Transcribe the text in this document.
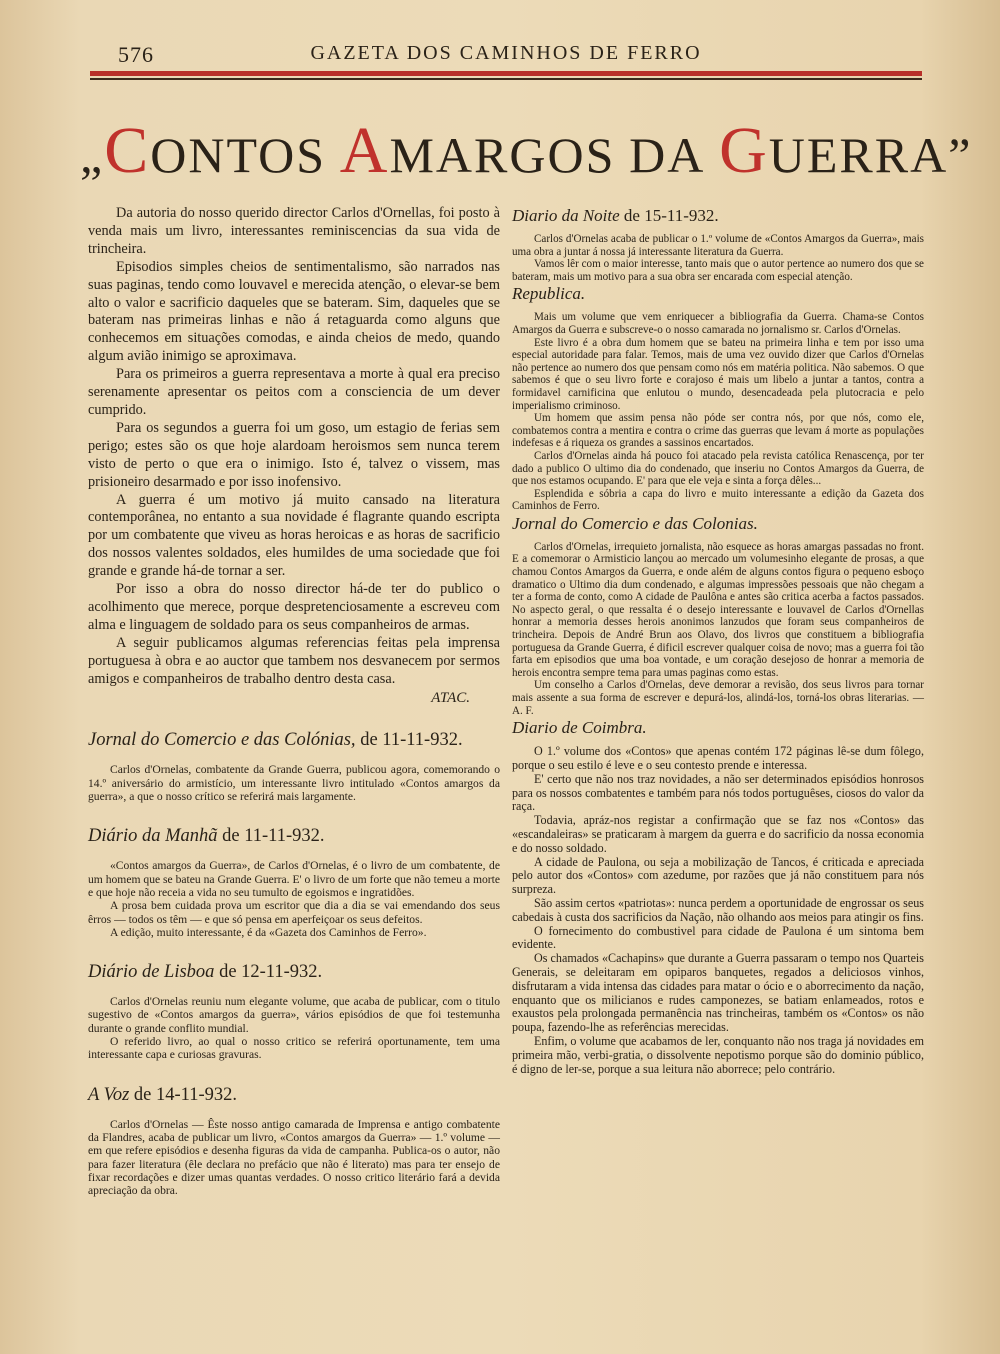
576	GAZETA DOS CAMINHOS DE FERRO
„CONTOS AMARGOS DA GUERRA”

Da autoria do nosso querido director Carlos d'Ornellas, foi posto à venda mais um livro, interessantes reminiscencias da sua vida de trincheira.

Episodios simples cheios de sentimentalismo, são narrados nas suas paginas, tendo como louvavel e merecida atenção, o elevar-se bem alto o valor e sacrificio daqueles que se bateram. Sim, daqueles que se bateram nas primeiras linhas e não á retaguarda como alguns que conhecemos em situações comodas, e ainda cheios de medo, quando algum avião inimigo se aproximava.

Para os primeiros a guerra representava a morte à qual era preciso serenamente apresentar os peitos com a consciencia de um dever cumprido.

Para os segundos a guerra foi um goso, um estagio de ferias sem perigo; estes são os que hoje alardoam heroismos sem nunca terem visto de perto o que era o inimigo. Isto é, talvez o vissem, mas prisioneiro desarmado e por isso inofensivo.

A guerra é um motivo já muito cansado na literatura contemporânea, no entanto a sua novidade é flagrante quando escripta por um combatente que viveu as horas heroicas e as horas de sacrificio dos nossos valentes soldados, eles humildes de uma sociedade que foi grande e grande há-de tornar a ser.

Por isso a obra do nosso director há-de ter do publico o acolhimento que merece, porque despretenciosamente a escreveu com alma e linguagem de soldado para os seus companheiros de armas.

A seguir publicamos algumas referencias feitas pela imprensa portuguesa à obra e ao auctor que tambem nos desvanecem por sermos amigos e companheiros de trabalho dentro desta casa.

ATAC.
Jornal do Comercio e das Colónias, de 11-11-932.

Carlos d'Ornelas, combatente da Grande Guerra, publicou agora, comemorando o 14.º aniversário do armistício, um interessante livro intitulado «Contos amargos da guerra», a que o nosso crítico se referirá mais largamente.

Diário da Manhã de 11-11-932.

«Contos amargos da Guerra», de Carlos d'Ornelas, é o livro de um combatente, de um homem que se bateu na Grande Guerra. E' o livro de um forte que não temeu a morte e que hoje não receia a vida no seu tumulto de egoismos e ingratidões.

A prosa bem cuidada prova um escritor que dia a dia se vai emendando dos seus êrros — todos os têm — e que só pensa em aperfeiçoar os seus defeitos.

A edição, muito interessante, é da «Gazeta dos Caminhos de Ferro».

Diário de Lisboa de 12-11-932.

Carlos d'Ornelas reuniu num elegante volume, que acaba de publicar, com o titulo sugestivo de «Contos amargos da guerra», vários episódios de que foi testemunha durante o grande conflito mundial.

O referido livro, ao qual o nosso critico se referirá oportunamente, tem uma interessante capa e curiosas gravuras.

A Voz de 14-11-932.

Carlos d'Ornelas — Êste nosso antigo camarada de Imprensa e antigo combatente da Flandres, acaba de publicar um livro, «Contos amargos da Guerra» — 1.º volume — em que refere episódios e desenha figuras da vida de campanha. Publica-os o autor, não para fazer literatura (êle declara no prefácio que não é literato) mas para ter ensejo de fixar recordações e dizer umas quantas verdades. O nosso critico literário fará a devida apreciação da obra.

Diario da Noite de 15-11-932.

Carlos d'Ornelas acaba de publicar o 1.º volume de «Contos Amargos da Guerra», mais uma obra a juntar á nossa já interessante literatura da Guerra.

Vamos lêr com o maior interesse, tanto mais que o autor pertence ao numero dos que se bateram, mais um motivo para a sua obra ser encarada com especial atenção.

Republica.

Mais um volume que vem enriquecer a bibliografia da Guerra. Chama-se Contos Amargos da Guerra e subscreve-o o nosso camarada no jornalismo sr. Carlos d'Ornelas.

Este livro é a obra dum homem que se bateu na primeira linha e tem por isso uma especial autoridade para falar. Temos, mais de uma vez ouvido dizer que Carlos d'Ornelas não pertence ao numero dos que pensam como nós em matéria politica. Não sabemos. O que sabemos é que o seu livro forte e corajoso é mais um libelo a juntar a tantos, contra a formidavel carnificina que enlutou o mundo, desencadeada pela plutocracia e pelo imperialismo criminoso.

Um homem que assim pensa não póde ser contra nós, por que nós, como ele, combatemos contra a mentira e contra o crime das guerras que levam á morte as populações indefesas e á riqueza os grandes a sassinos encartados.

Carlos d'Ornelas ainda há pouco foi atacado pela revista católica Renascença, por ter dado a publico O ultimo dia do condenado, que inseriu no Contos Amargos da Guerra, de que nos estamos ocupando. E' para que ele veja e sinta a força dêles...

Esplendida e sóbria a capa do livro e muito interessante a edição da Gazeta dos Caminhos de Ferro.

Jornal do Comercio e das Colonias.

Carlos d'Ornelas, irrequieto jornalista, não esquece as horas amargas passadas no front. E a comemorar o Armisticio lançou ao mercado um volumesinho elegante de prosas, a que chamou Contos Amargos da Guerra, e onde além de alguns contos figura o pequeno esboço dramatico o Ultimo dia dum condenado, e algumas impressões pessoais que não chegam a ter a forma de conto, como A cidade de Paulôna e antes são critica acerba a factos passados. No aspecto geral, o que ressalta é o desejo interessante e louvavel de Carlos d'Ornellas honrar a memoria desses herois anonimos lanzudos que foram seus companheiros de trincheira. Depois de André Brun aos Olavo, dos livros que constituem a bibliografia portuguesa da Grande Guerra, é dificil escrever qualquer coisa de novo; mas a guerra foi tão farta em episodios que uma boa vontade, e um coração desejoso de honrar a memoria de herois encontra sempre tema para umas paginas como estas.

Um conselho a Carlos d'Ornelas, deve demorar a revisão, dos seus livros para tornar mais assente a sua forma de escrever e depurá-los, alindá-los, torná-los obras literarias. — A. F.

Diario de Coimbra.

O 1.º volume dos «Contos» que apenas contém 172 páginas lê-se dum fôlego, porque o seu estilo é leve e o seu contesto prende e interessa.

E' certo que não nos traz novidades, a não ser determinados episódios honrosos para os nossos combatentes e também para nós todos portuguêses, ciosos do valor da raça.

Todavia, apráz-nos registar a confirmação que se faz nos «Contos» das «escandaleiras» se praticaram à margem da guerra e do sacrificio da nossa economia e do nosso soldado.

A cidade de Paulona, ou seja a mobilização de Tancos, é criticada e apreciada pelo autor dos «Contos» com azedume, por razões que já não constituem para nós surpreza.

São assim certos «patriotas»: nunca perdem a oportunidade de engrossar os seus cabedais à custa dos sacrificios da Nação, não olhando aos meios para atingir os fins.

O fornecimento do combustivel para cidade de Paulona é um sintoma bem evidente.

Os chamados «Cachapins» que durante a Guerra passaram o tempo nos Quarteis Generais, se deleitaram em opiparos banquetes, regados a deliciosos vinhos, disfrutaram a vida intensa das cidades para matar o ócio e o aborrecimento da nação, enquanto que os milicianos e rudes camponezes, se batiam enlameados, rotos e exaustos pela prolongada permanência nas trincheiras, também os «Contos» os não poupa, fazendo-lhe as referências merecidas.

Enfim, o volume que acabamos de ler, conquanto não nos traga já novidades em primeira mão, verbi-gratia, o dissolvente nepotismo porque são do dominio público, é digno de ler-se, porque a sua leitura não aborrece; pelo contrário.
